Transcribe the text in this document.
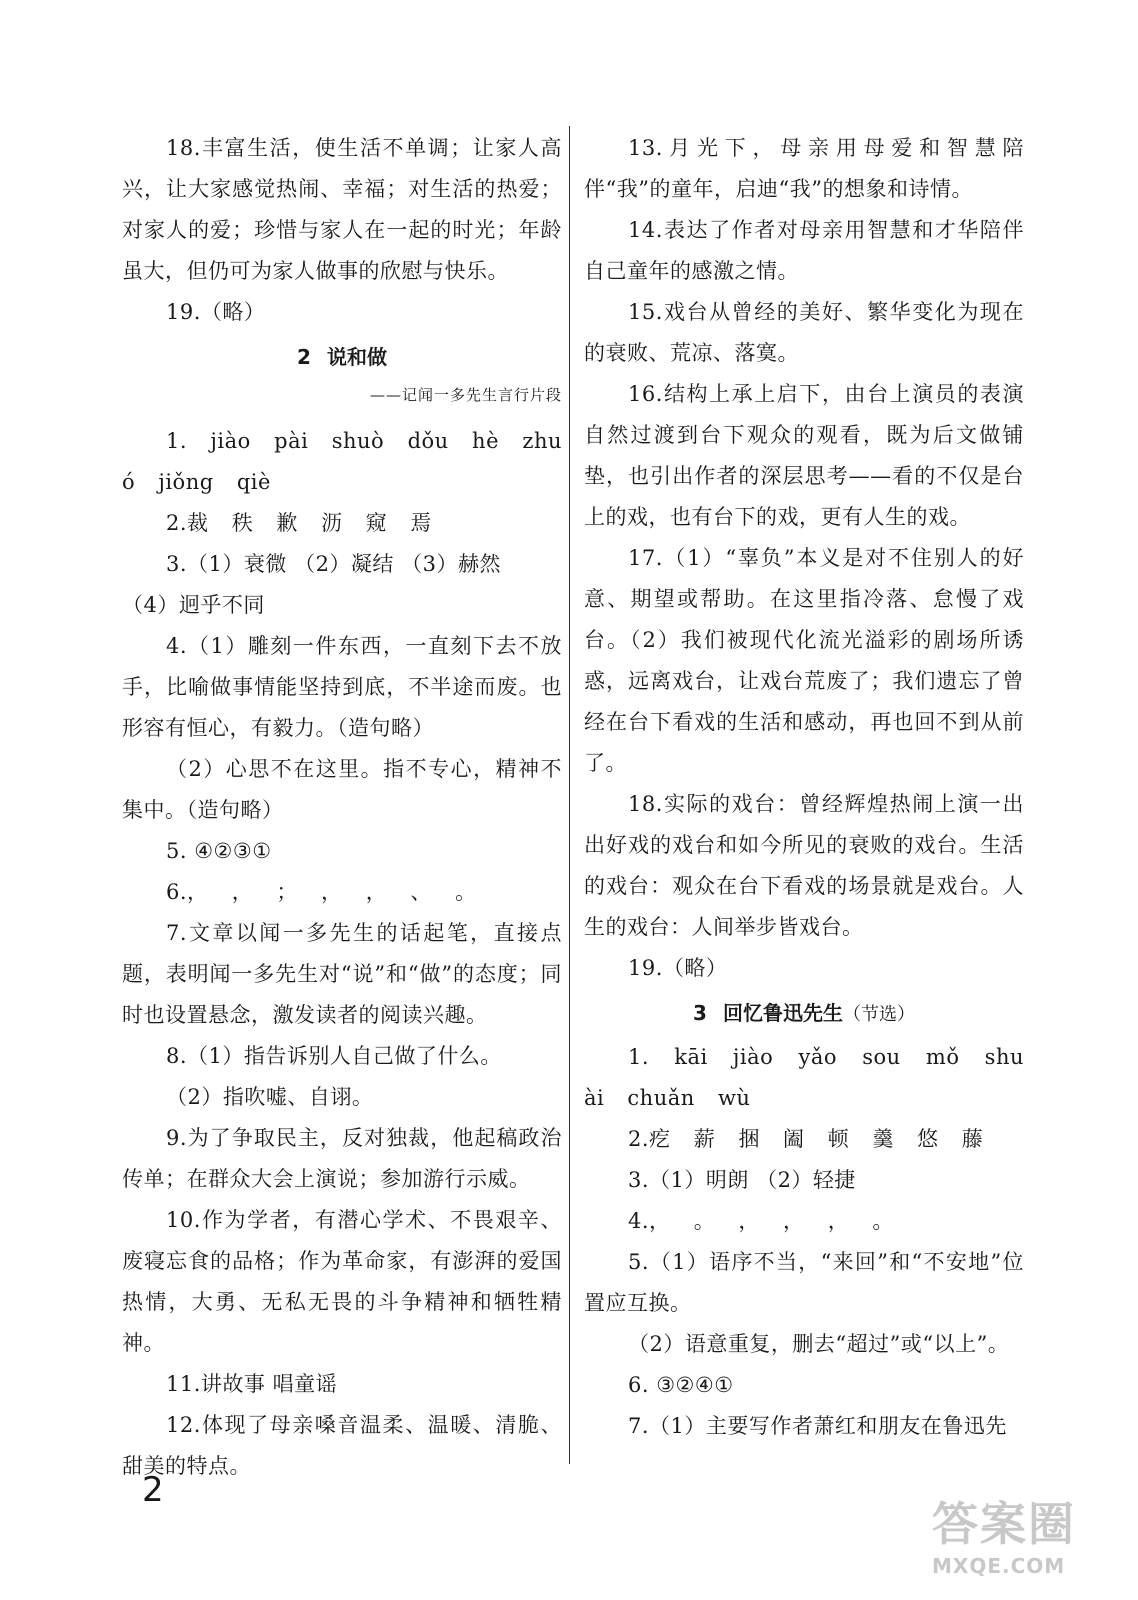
18.丰富生活，使生活不单调；让家人高兴，让大家感觉热闹、幸福；对生活的热爱；对家人的爱；珍惜与家人在一起的时光；年龄虽大，但仍可为家人做事的欣慰与快乐。

19.（略）

2 说和做

——记闻一多先生言行片段

1. jiào pài shuò dǒu hè zhuó jiǒng qiè

2.裁 秩 歉 沥 窥 焉

3.（1）衰微 （2）凝结 （3）赫然

（4）迥乎不同

4.（1）雕刻一件东西，一直刻下去不放手，比喻做事情能坚持到底，不半途而废。也形容有恒心，有毅力。（造句略）

（2）心思不在这里。指不专心，精神不集中。（造句略）

5. ④②③①

6.， ， ； ， ， 、 。

7.文章以闻一多先生的话起笔，直接点题，表明闻一多先生对“说”和“做”的态度；同时也设置悬念，激发读者的阅读兴趣。

8.（1）指告诉别人自己做了什么。

（2）指吹嘘、自诩。

9.为了争取民主，反对独裁，他起稿政治传单；在群众大会上演说；参加游行示威。

10.作为学者，有潜心学术、不畏艰辛、废寝忘食的品格；作为革命家，有澎湃的爱国热情，大勇、无私无畏的斗争精神和牺牲精神。

11.讲故事 唱童谣

12.体现了母亲嗓音温柔、温暖、清脆、甜美的特点。

13.月光下，母亲用母爱和智慧陪伴“我”的童年，启迪“我”的想象和诗情。

14.表达了作者对母亲用智慧和才华陪伴自己童年的感激之情。

15.戏台从曾经的美好、繁华变化为现在的衰败、荒凉、落寞。

16.结构上承上启下，由台上演员的表演自然过渡到台下观众的观看，既为后文做铺垫，也引出作者的深层思考——看的不仅是台上的戏，也有台下的戏，更有人生的戏。

17.（1）“辜负”本义是对不住别人的好意、期望或帮助。在这里指冷落、怠慢了戏台。（2）我们被现代化流光溢彩的剧场所诱惑，远离戏台，让戏台荒废了；我们遗忘了曾经在台下看戏的生活和感动，再也回不到从前了。

18.实际的戏台：曾经辉煌热闹上演一出出好戏的戏台和如今所见的衰败的戏台。生活的戏台：观众在台下看戏的场景就是戏台。人生的戏台：人间举步皆戏台。

19.（略）

3 回忆鲁迅先生（节选）

1. kāi jiào yǎo sou mǒ shuài chuǎn wù

2.疙 薪 捆 阖 顿 羹 悠 藤

3.（1）明朗 （2）轻捷

4.， 。 ， ， ， 。

5.（1）语序不当，“来回”和“不安地”位置应互换。

（2）语意重复，删去“超过”或“以上”。

6. ③②④①

7.（1）主要写作者萧红和朋友在鲁迅先

2
答案圈
MXQE.COM
